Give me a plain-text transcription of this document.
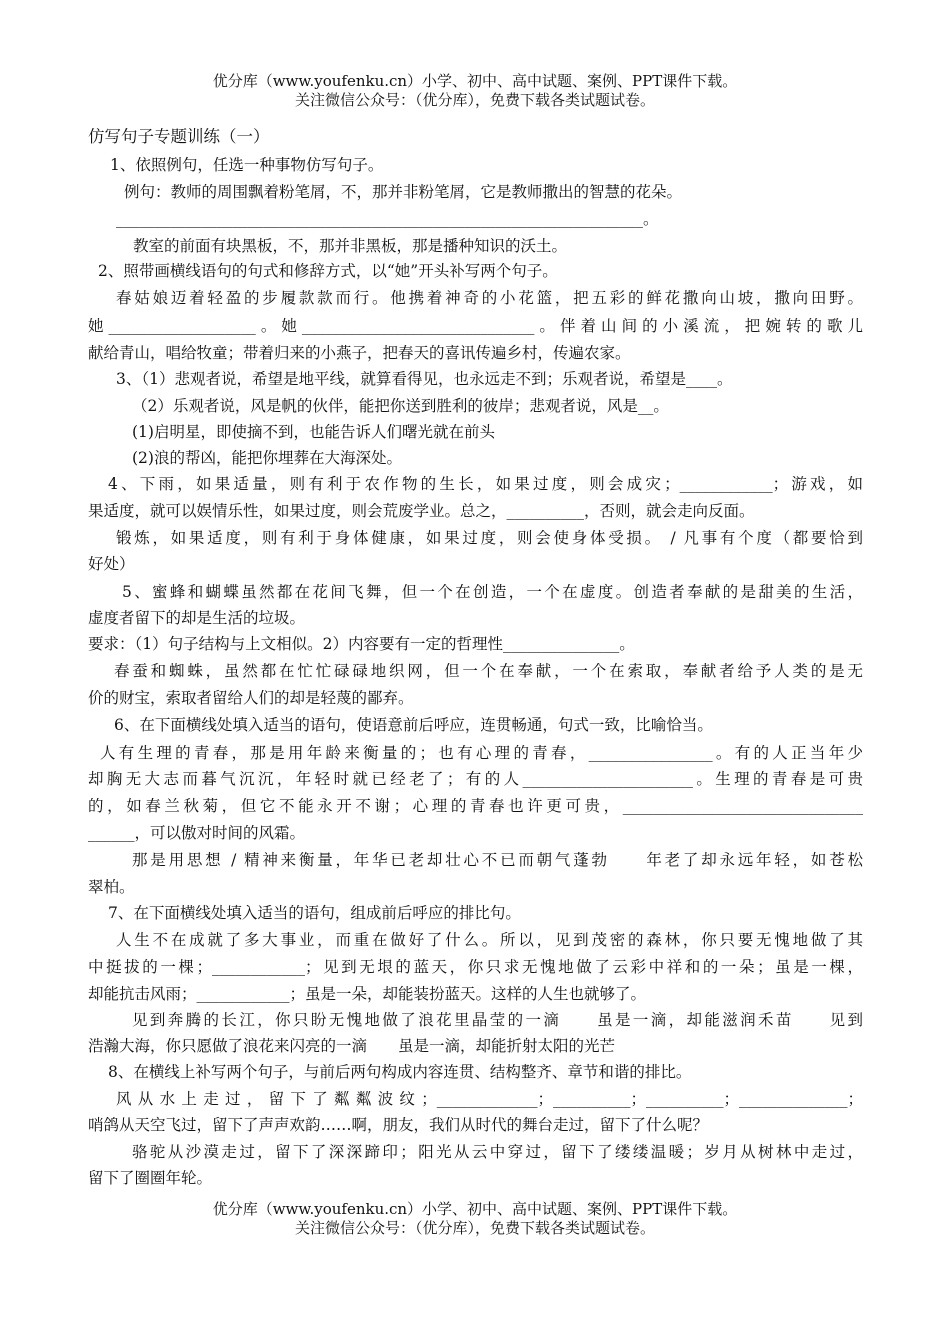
优分库（www.youfenku.cn）小学、初中、高中试题、案例、PPT课件下载。
关注微信公众号：（优分库），免费下载各类试题试卷。
仿写句子专题训练（一）
1、依照例句，任选一种事物仿写句子。
例句：教师的周围飘着粉笔屑，不，那并非粉笔屑，它是教师撒出的智慧的花朵。
____________________________________________________________________。
教室的前面有块黑板，不，那并非黑板，那是播种知识的沃土。
2、照带画横线语句的句式和修辞方式，以“她”开头补写两个句子。
春姑娘迈着轻盈的步履款款而行。他携着神奇的小花篮，把五彩的鲜花撒向山坡，撒向田野。
她___________________。她______________________________。伴着山间的小溪流，把婉转的歌儿
献给青山，唱给牧童；带着归来的小燕子，把春天的喜讯传遍乡村，传遍农家。
3、（1）悲观者说，希望是地平线，就算看得见，也永远走不到；乐观者说，希望是____。
（2）乐观者说，风是帆的伙伴，能把你送到胜利的彼岸；悲观者说，风是__。
(1)启明星，即使摘不到，也能告诉人们曙光就在前头
(2)浪的帮凶，能把你埋葬在大海深处。
4、下雨，如果适量，则有利于农作物的生长，如果过度，则会成灾；____________；游戏，如
果适度，就可以娱情乐性，如果过度，则会荒废学业。总之，__________，否则，就会走向反面。
锻炼，如果适度，则有利于身体健康，如果过度，则会使身体受损。 / 凡事有个度（都要恰到
好处）
5、蜜蜂和蝴蝶虽然都在花间飞舞，但一个在创造，一个在虚度。创造者奉献的是甜美的生活，
虚度者留下的却是生活的垃圾。
要求：（1）句子结构与上文相似。2）内容要有一定的哲理性_______________。
春蚕和蜘蛛，虽然都在忙忙碌碌地织网，但一个在奉献，一个在索取，奉献者给予人类的是无
价的财宝，索取者留给人们的却是轻蔑的鄙弃。
6、在下面横线处填入适当的语句，使语意前后呼应，连贯畅通，句式一致，比喻恰当。
人有生理的青春，那是用年龄来衡量的；也有心理的青春，________________。有的人正当年少
却胸无大志而暮气沉沉，年轻时就已经老了；有的人______________________。生理的青春是可贵
的，如春兰秋菊，但它不能永开不谢；心理的青春也许更可贵，_______________________________
______，可以傲对时间的风霜。
那是用思想 / 精神来衡量，年华已老却壮心不已而朝气蓬勃　　年老了却永远年轻，如苍松
翠柏。
7、在下面横线处填入适当的语句，组成前后呼应的排比句。
人生不在成就了多大事业，而重在做好了什么。所以，见到茂密的森林，你只要无愧地做了其
中挺拔的一棵；____________；见到无垠的蓝天，你只求无愧地做了云彩中祥和的一朵；虽是一棵，
却能抗击风雨；____________；虽是一朵，却能装扮蓝天。这样的人生也就够了。
见到奔腾的长江，你只盼无愧地做了浪花里晶莹的一滴　　虽是一滴，却能滋润禾苗　　见到
浩瀚大海，你只愿做了浪花来闪亮的一滴　　虽是一滴，却能折射太阳的光芒
8、在横线上补写两个句子，与前后两句构成内容连贯、结构整齐、章节和谐的排比。
风从水上走过，留下了粼粼波纹；_____________；__________；__________；______________；
哨鸽从天空飞过，留下了声声欢韵……啊，朋友，我们从时代的舞台走过，留下了什么呢？
骆驼从沙漠走过，留下了深深蹄印；阳光从云中穿过，留下了缕缕温暖；岁月从树林中走过，
留下了圈圈年轮。
优分库（www.youfenku.cn）小学、初中、高中试题、案例、PPT课件下载。
关注微信公众号：（优分库），免费下载各类试题试卷。
